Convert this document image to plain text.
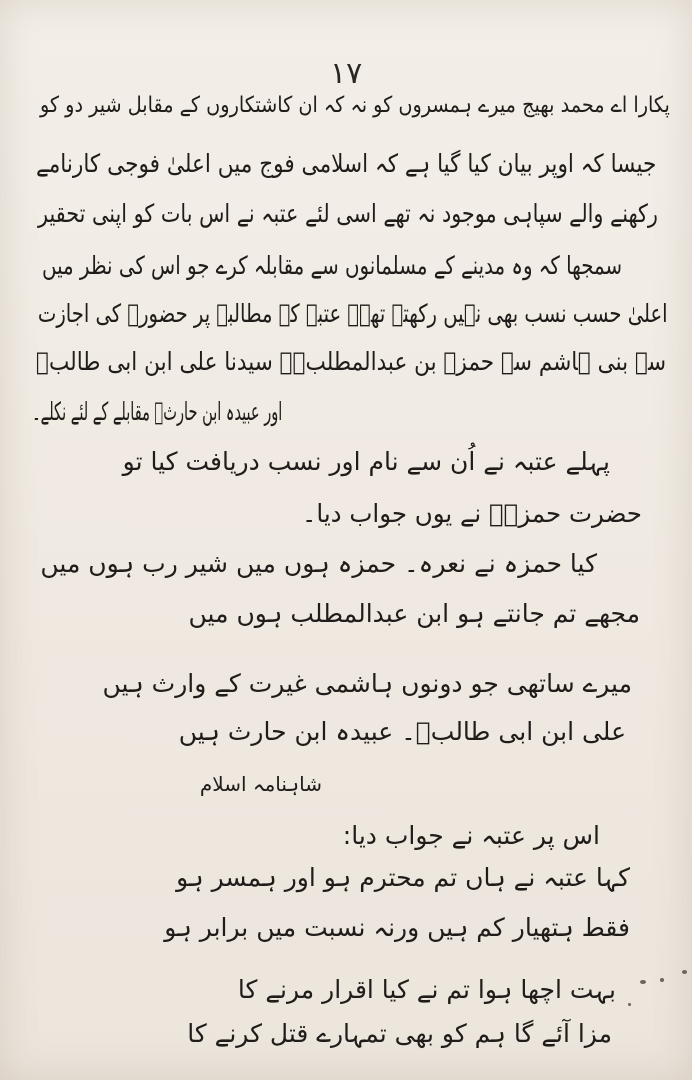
۱۷
پکارا اے محمد بھیج میرے ہمسروں کو نہ کہ ان کاشتکاروں کے مقابل شیر دو کو
جیسا کہ اوپر بیان کیا گیا ہے کہ اسلامی فوج میں اعلیٰ فوجی کارنامے
رکھنے والے سپاہی موجود نہ تھے اسی لئے عتبہ نے اس بات کو اپنی تحقیر
سمجھا کہ وہ مدینے کے مسلمانوں سے مقابلہ کرے جو اس کی نظر میں
اعلیٰ حسب نسب بھی نہیں رکھتے تھے۔ عتبہ کے مطالبے پر حضورؐ کی اجازت
سے بنی ہاشم سے حمزہ بن عبدالمطلبؓ۔ سیدنا علی ابن ابی طالبؓ
اور عبیدہ ابن حارثؓ مقابلے کے لئے نکلے۔
پہلے عتبہ نے اُن سے نام اور نسب دریافت کیا تو
حضرت حمزہؓ نے یوں جواب دیا۔
کیا حمزہ نے نعرہ۔ حمزہ ہوں میں شیر رب ہوں میں
مجھے تم جانتے ہو ابن عبدالمطلب ہوں میں
میرے ساتھی جو دونوں ہاشمی غیرت کے وارث ہیں
علی ابن ابی طالبؓ۔ عبیدہ ابن حارث ہیں
شاہنامہ اسلام
اس پر عتبہ نے جواب دیا:
کہا عتبہ نے ہاں تم محترم ہو اور ہمسر ہو
فقط ہتھیار کم ہیں ورنہ نسبت میں برابر ہو
بہت اچھا ہوا تم نے کیا اقرار مرنے کا
مزا آئے گا ہم کو بھی تمہارے قتل کرنے کا
